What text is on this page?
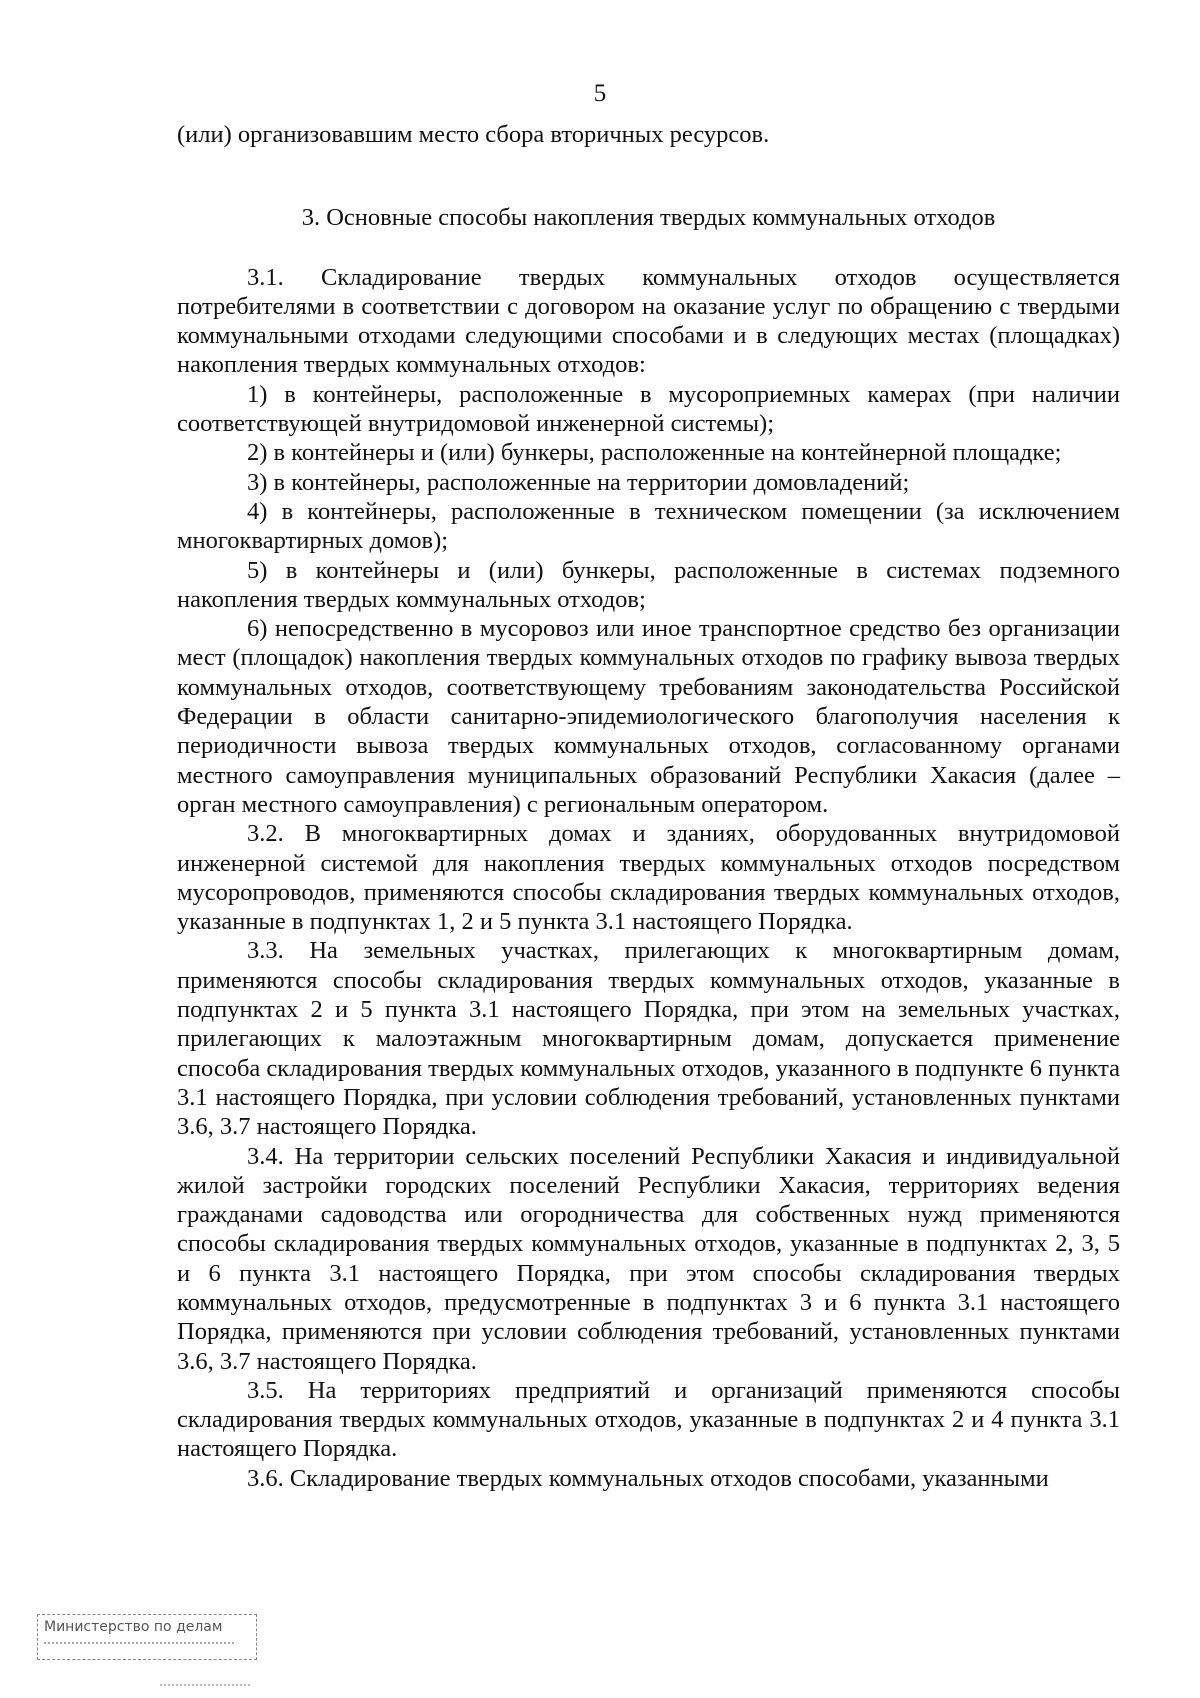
5

(или) организовавшим место сбора вторичных ресурсов.

3. Основные способы накопления твердых коммунальных отходов

3.1. Складирование твердых коммунальных отходов осуществляется потребителями в соответствии с договором на оказание услуг по обращению с твердыми коммунальными отходами следующими способами и в следующих местах (площадках) накопления твердых коммунальных отходов:

1) в контейнеры, расположенные в мусороприемных камерах (при наличии соответствующей внутридомовой инженерной системы);

2) в контейнеры и (или) бункеры, расположенные на контейнерной площадке;

3) в контейнеры, расположенные на территории домовладений;

4) в контейнеры, расположенные в техническом помещении (за исключением многоквартирных домов);

5) в контейнеры и (или) бункеры, расположенные в системах подземного накопления твердых коммунальных отходов;

6) непосредственно в мусоровоз или иное транспортное средство без организации мест (площадок) накопления твердых коммунальных отходов по графику вывоза твердых коммунальных отходов, соответствующему требованиям законодательства Российской Федерации в области санитарно-эпидемиологического благополучия населения к периодичности вывоза твердых коммунальных отходов, согласованному органами местного самоуправления муниципальных образований Республики Хакасия (далее – орган местного самоуправления) с региональным оператором.

3.2. В многоквартирных домах и зданиях, оборудованных внутридомовой инженерной системой для накопления твердых коммунальных отходов посредством мусоропроводов, применяются способы складирования твердых коммунальных отходов, указанные в подпунктах 1, 2 и 5 пункта 3.1 настоящего Порядка.

3.3. На земельных участках, прилегающих к многоквартирным домам, применяются способы складирования твердых коммунальных отходов, указанные в подпунктах 2 и 5 пункта 3.1 настоящего Порядка, при этом на земельных участках, прилегающих к малоэтажным многоквартирным домам, допускается применение способа складирования твердых коммунальных отходов, указанного в подпункте 6 пункта 3.1 настоящего Порядка, при условии соблюдения требований, установленных пунктами 3.6, 3.7 настоящего Порядка.

3.4. На территории сельских поселений Республики Хакасия и индивидуальной жилой застройки городских поселений Республики Хакасия, территориях ведения гражданами садоводства или огородничества для собственных нужд применяются способы складирования твердых коммунальных отходов, указанные в подпунктах 2, 3, 5 и 6 пункта 3.1 настоящего Порядка, при этом способы складирования твердых коммунальных отходов, предусмотренные в подпунктах 3 и 6 пункта 3.1 настоящего Порядка, применяются при условии соблюдения требований, установленных пунктами 3.6, 3.7 настоящего Порядка.

3.5. На территориях предприятий и организаций применяются способы складирования твердых коммунальных отходов, указанные в подпунктах 2 и 4 пункта 3.1 настоящего Порядка.

3.6. Складирование твердых коммунальных отходов способами, указанными

Министерство по делам
